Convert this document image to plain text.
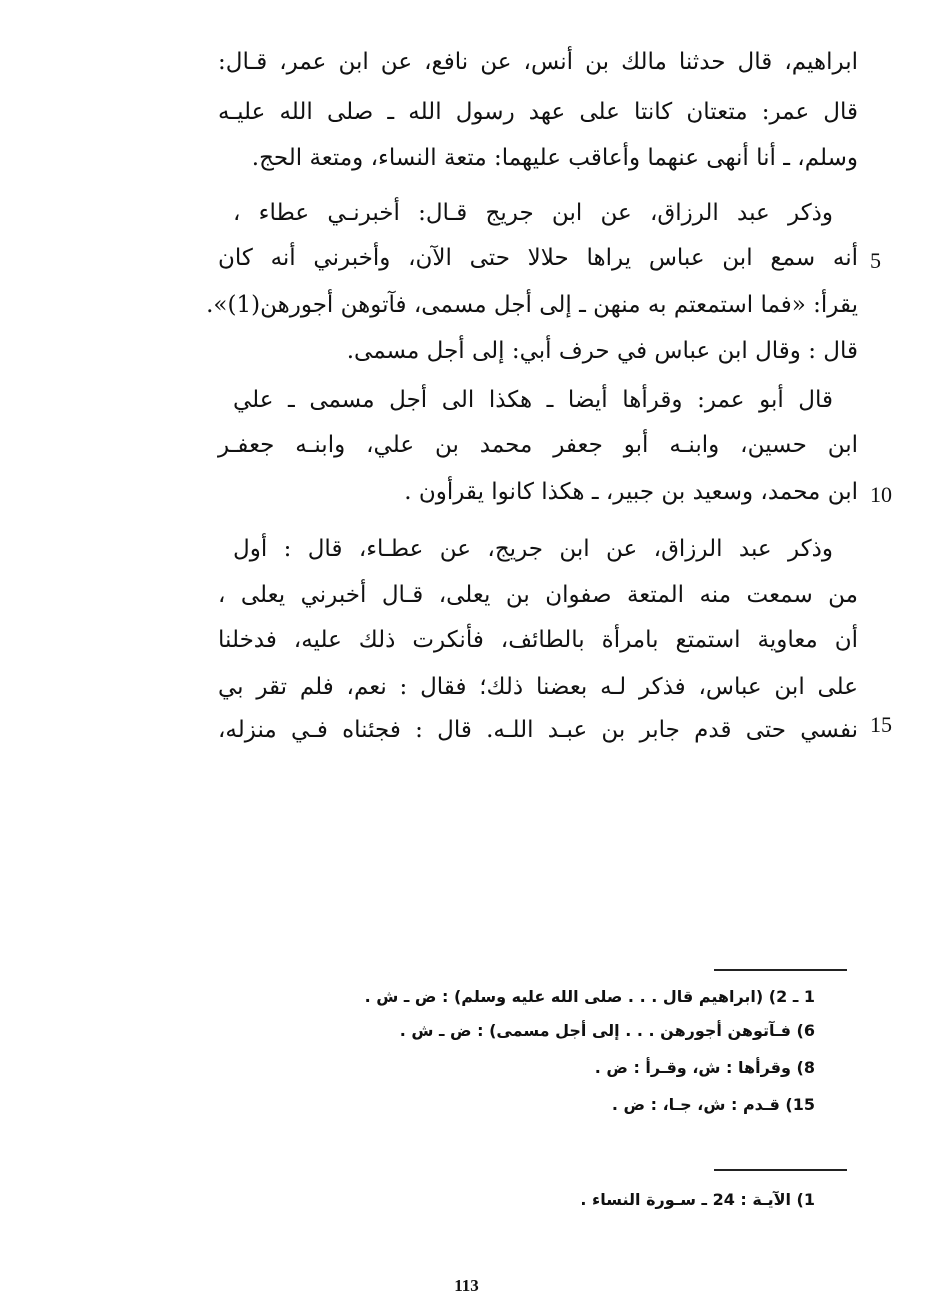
ابراهيم، قال حدثنا مالك بن أنس، عن نافع، عن ابن عمر، قـال:
قال عمر: متعتان كانتا على عهد رسول الله ـ صلى الله عليـه
وسلم، ـ أنا أنهى عنهما وأعاقب عليهما: متعة النساء، ومتعة الحج.
وذكر عبد الرزاق، عن ابن جريج قـال: أخبرنـي عطاء ،
أنه سمع ابن عباس يراها حلالا حتى الآن، وأخبرني أنه كان 5
يقرأ: «فما استمعتم به منهن ـ إلى أجل مسمى، فآتوهن أجورهن(1)».
قال : وقال ابن عباس في حرف أبي: إلى أجل مسمى.
قال أبو عمر: وقرأها أيضا ـ هكذا الى أجل مسمى ـ علي
ابن حسين، وابنـه أبو جعفر محمد بن علي، وابنـه جعفـر
ابن محمد، وسعيد بن جبير، ـ هكذا كانوا يقرأون . 10
وذكر عبد الرزاق، عن ابن جريج، عن عطـاء، قال : أول
من سمعت منه المتعة صفوان بن يعلى، قـال أخبرني يعلى ،
أن معاوية استمتع بامرأة بالطائف، فأنكرت ذلك عليه، فدخلنا
على ابن عباس، فذكر لـه بعضنا ذلك؛ فقال : نعم، فلم تقر بي
نفسي حتى قدم جابر بن عبـد اللـه. قال : فجئناه فـي منزله، 15
1 ـ 2) (ابراهيم قال . . . صلى الله عليه وسلم) : ض ـ ش .
6) فـآتوهن أجورهن . . . إلى أجل مسمى) : ض ـ ش .
8) وقرأها : ش، وقـرأ : ض .
15) قـدم : ش، جـا، : ض .
1) الآيـة : 24 ـ سـورة النساء .
113
